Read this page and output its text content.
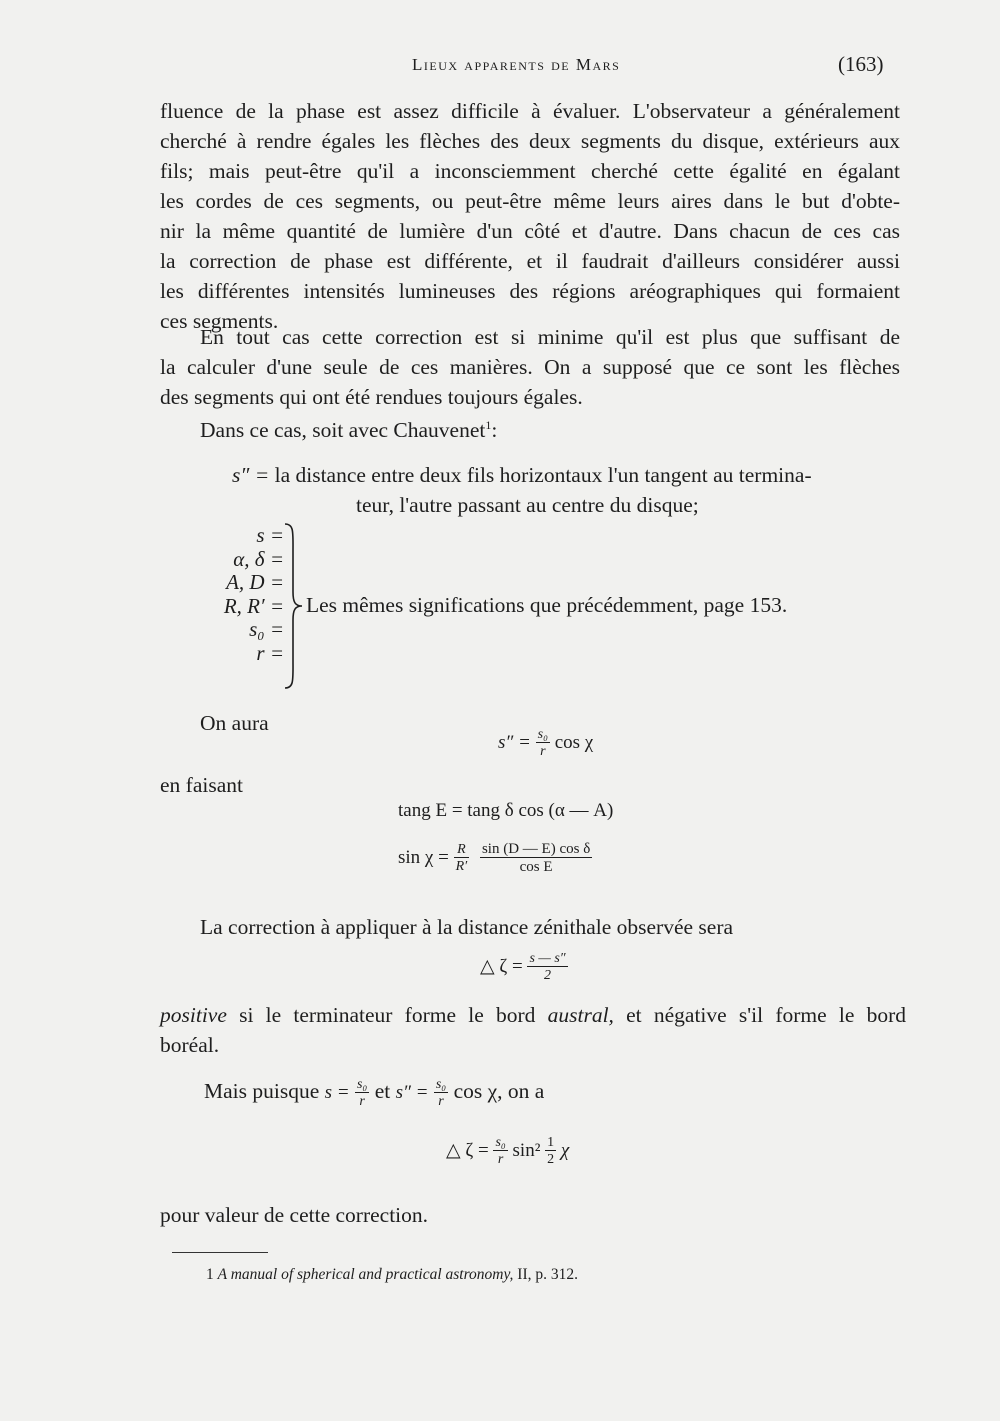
Lieux apparents de Mars	(163)
fluence de la phase est assez difficile à évaluer. L'observateur a généralement
cherché à rendre égales les flèches des deux segments du disque, extérieurs aux
fils; mais peut-être qu'il a inconsciemment cherché cette égalité en égalant
les cordes de ces segments, ou peut-être même leurs aires dans le but d'obte-
nir la même quantité de lumière d'un côté et d'autre. Dans chacun de ces cas
la correction de phase est différente, et il faudrait d'ailleurs considérer aussi
les différentes intensités lumineuses des régions aréographiques qui formaient
ces segments.
En tout cas cette correction est si minime qu'il est plus que suffisant de
la calculer d'une seule de ces manières. On a supposé que ce sont les flèches
des segments qui ont été rendues toujours égales.
Dans ce cas, soit avec Chauvenet$^1$:
s″ = la distance entre deux fils horizontaux l'un tangent au termina-
teur, l'autre passant au centre du disque;
s =
α, δ =
A, D =
R, R′ =
s₀ =
r =
Les mêmes significations que précédemment, page 153.
On aura
$s'' = \frac{\text{s₀}}{r}$ cos χ
en faisant
tang E = tang δ cos (α — A)
$\sin \chi = \frac{R}{R'}$
$\frac{\text{sin (D — E) cos δ}}{\text{cos E}}$
La correction à appliquer à la distance zénithale observée sera
△ $\zeta = \frac{s — s''}{2}$
positive si le terminateur forme le bord austral, et négative s'il forme le bord
boréal.
Mais puisque $s = \frac{\text{s₀}}{r}$ et $s'' = \frac{\text{s₀}}{r}$ cos χ, on a
△ $\zeta = \frac{\text{s₀}}{r} \sin^2 \frac{1}{2}$ χ
pour valeur de cette correction.
1 A manual of spherical and practical astronomy, II, p. 312.
